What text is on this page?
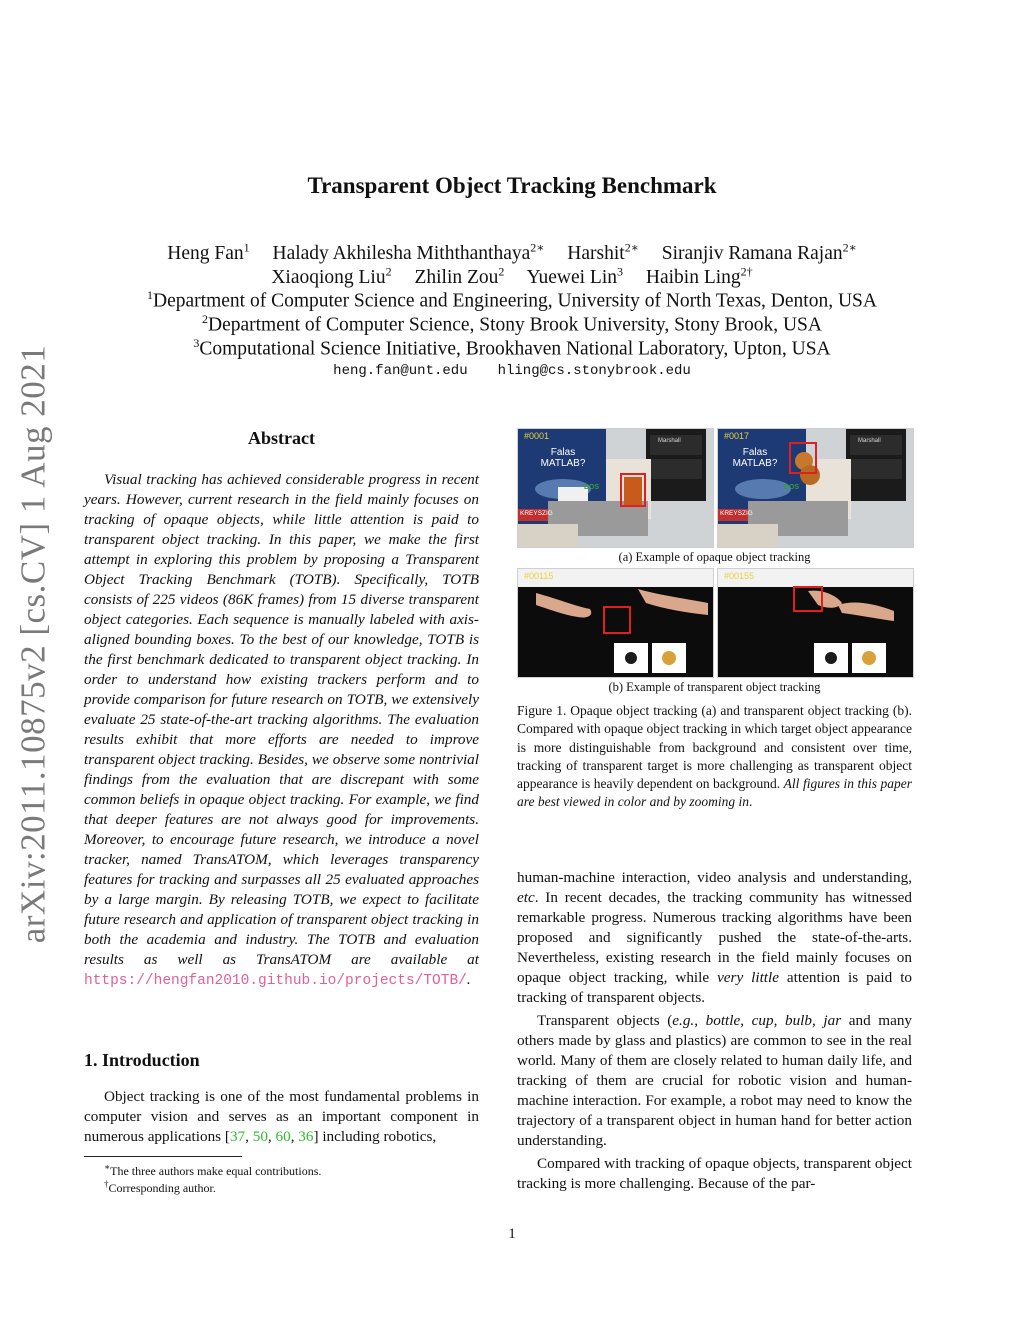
arXiv:2011.10875v2 [cs.CV] 1 Aug 2021
Transparent Object Tracking Benchmark
Heng Fan$^1$ Halady Akhilesha Miththanthaya$^{2∗}$ Harshit$^{2∗}$ Siranjiv Ramana Rajan$^{2∗}$
Xiaoqiong Liu$^2$ Zhilin Zou$^2$ Yuewei Lin$^3$ Haibin Ling$^{2\dagger}$
$^1$Department of Computer Science and Engineering, University of North Texas, Denton, USA
$^2$Department of Computer Science, Stony Brook University, Stony Brook, USA
$^3$Computational Science Initiative, Brookhaven National Laboratory, Upton, USA
heng.fan@unt.edu hling@cs.stonybrook.edu
Abstract

Visual tracking has achieved considerable progress in recent years. However, current research in the field mainly focuses on tracking of opaque objects, while little attention is paid to transparent object tracking. In this paper, we make the first attempt in exploring this problem by proposing a Transparent Object Tracking Benchmark (TOTB). Specifically, TOTB consists of 225 videos (86K frames) from 15 diverse transparent object categories. Each sequence is manually labeled with axis-aligned bounding boxes. To the best of our knowledge, TOTB is the first benchmark dedicated to transparent object tracking. In order to understand how existing trackers perform and to provide comparison for future research on TOTB, we extensively evaluate 25 state-of-the-art tracking algorithms. The evaluation results exhibit that more efforts are needed to improve transparent object tracking. Besides, we observe some nontrivial findings from the evaluation that are discrepant with some common beliefs in opaque object tracking. For example, we find that deeper features are not always good for improvements. Moreover, to encourage future research, we introduce a novel tracker, named TransATOM, which leverages transparency features for tracking and surpasses all 25 evaluated approaches by a large margin. By releasing TOTB, we expect to facilitate future research and application of transparent object tracking in both the academia and industry. The TOTB and evaluation results as well as TransATOM are available at https://hengfan2010.github.io/projects/TOTB/.

1. Introduction

Object tracking is one of the most fundamental problems in computer vision and serves as an important component in numerous applications [37, 50, 60, 36] including robotics,

∗The three authors make equal contributions.
†Corresponding author.
#0001
Falas MATLAB?
DOS
KREYSZIG
Marshall	#0017
Falas MATLAB?
DOS
KREYSZIG
Marshall
(a) Example of opaque object tracking
#00115	#00155
(b) Example of transparent object tracking

Figure 1. Opaque object tracking (a) and transparent object tracking (b). Compared with opaque object tracking in which target object appearance is more distinguishable from background and consistent over time, tracking of transparent target is more challenging as transparent object appearance is heavily dependent on background. All figures in this paper are best viewed in color and by zooming in.

human-machine interaction, video analysis and understanding, etc. In recent decades, the tracking community has witnessed remarkable progress. Numerous tracking algorithms have been proposed and significantly pushed the state-of-the-arts. Nevertheless, existing research in the field mainly focuses on opaque object tracking, while very little attention is paid to tracking of transparent objects.

Transparent objects (e.g., bottle, cup, bulb, jar and many others made by glass and plastics) are common to see in the real world. Many of them are closely related to human daily life, and tracking of them are crucial for robotic vision and human-machine interaction. For example, a robot may need to know the trajectory of a transparent object in human hand for better action understanding.

Compared with tracking of opaque objects, transparent object tracking is more challenging. Because of the par-

1
